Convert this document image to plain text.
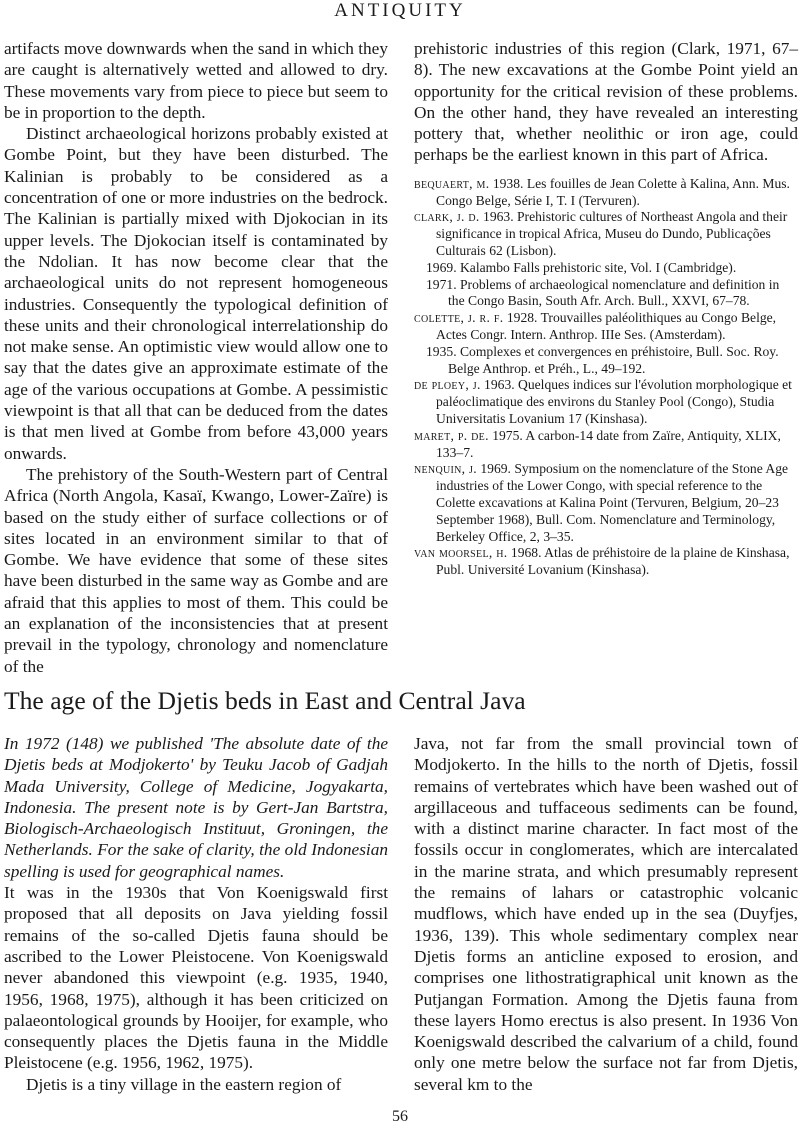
ANTIQUITY

artifacts move downwards when the sand in which they are caught is alternatively wetted and allowed to dry. These movements vary from piece to piece but seem to be in proportion to the depth.

Distinct archaeological horizons probably existed at Gombe Point, but they have been disturbed. The Kalinian is probably to be considered as a concentration of one or more industries on the bedrock. The Kalinian is partially mixed with Djokocian in its upper levels. The Djokocian itself is contaminated by the Ndolian. It has now become clear that the archaeological units do not represent homogeneous industries. Consequently the typological definition of these units and their chronological interrelationship do not make sense. An optimistic view would allow one to say that the dates give an approximate estimate of the age of the various occupations at Gombe. A pessimistic viewpoint is that all that can be deduced from the dates is that men lived at Gombe from before 43,000 years onwards.

The prehistory of the South-Western part of Central Africa (North Angola, Kasaï, Kwango, Lower-Zaïre) is based on the study either of surface collections or of sites located in an environment similar to that of Gombe. We have evidence that some of these sites have been disturbed in the same way as Gombe and are afraid that this applies to most of them. This could be an explanation of the inconsistencies that at present prevail in the typology, chronology and nomenclature of the

prehistoric industries of this region (Clark, 1971, 67–8). The new excavations at the Gombe Point yield an opportunity for the critical revision of these problems. On the other hand, they have revealed an interesting pottery that, whether neolithic or iron age, could perhaps be the earliest known in this part of Africa.

bequaert, m. 1938. Les fouilles de Jean Colette à Kalina, Ann. Mus. Congo Belge, Série I, T. I (Tervuren).

clark, j. d. 1963. Prehistoric cultures of Northeast Angola and their significance in tropical Africa, Museu do Dundo, Publicações Culturais 62 (Lisbon).

1969. Kalambo Falls prehistoric site, Vol. I (Cambridge).

1971. Problems of archaeological nomenclature and definition in the Congo Basin, South Afr. Arch. Bull., XXVI, 67–78.

colette, j. r. f. 1928. Trouvailles paléolithiques au Congo Belge, Actes Congr. Intern. Anthrop. IIIe Ses. (Amsterdam).

1935. Complexes et convergences en préhistoire, Bull. Soc. Roy. Belge Anthrop. et Préh., L., 49–192.

de ploey, j. 1963. Quelques indices sur l'évolution morphologique et paléoclimatique des environs du Stanley Pool (Congo), Studia Universitatis Lovanium 17 (Kinshasa).

maret, p. de. 1975. A carbon-14 date from Zaïre, Antiquity, XLIX, 133–7.

nenquin, j. 1969. Symposium on the nomenclature of the Stone Age industries of the Lower Congo, with special reference to the Colette excavations at Kalina Point (Tervuren, Belgium, 20–23 September 1968), Bull. Com. Nomenclature and Terminology, Berkeley Office, 2, 3–35.

van moorsel, h. 1968. Atlas de préhistoire de la plaine de Kinshasa, Publ. Université Lovanium (Kinshasa).

The age of the Djetis beds in East and Central Java

In 1972 (148) we published 'The absolute date of the Djetis beds at Modjokerto' by Teuku Jacob of Gadjah Mada University, College of Medicine, Jogyakarta, Indonesia. The present note is by Gert-Jan Bartstra, Biologisch-Archaeologisch Instituut, Groningen, the Netherlands. For the sake of clarity, the old Indonesian spelling is used for geographical names.

It was in the 1930s that Von Koenigswald first proposed that all deposits on Java yielding fossil remains of the so-called Djetis fauna should be ascribed to the Lower Pleistocene. Von Koenigswald never abandoned this viewpoint (e.g. 1935, 1940, 1956, 1968, 1975), although it has been criticized on palaeontological grounds by Hooijer, for example, who consequently places the Djetis fauna in the Middle Pleistocene (e.g. 1956, 1962, 1975).

Djetis is a tiny village in the eastern region of

Java, not far from the small provincial town of Modjokerto. In the hills to the north of Djetis, fossil remains of vertebrates which have been washed out of argillaceous and tuffaceous sediments can be found, with a distinct marine character. In fact most of the fossils occur in conglomerates, which are intercalated in the marine strata, and which presumably represent the remains of lahars or catastrophic volcanic mudflows, which have ended up in the sea (Duyfjes, 1936, 139). This whole sedimentary complex near Djetis forms an anticline exposed to erosion, and comprises one lithostratigraphical unit known as the Putjangan Formation. Among the Djetis fauna from these layers Homo erectus is also present. In 1936 Von Koenigswald described the calvarium of a child, found only one metre below the surface not far from Djetis, several km to the

56
